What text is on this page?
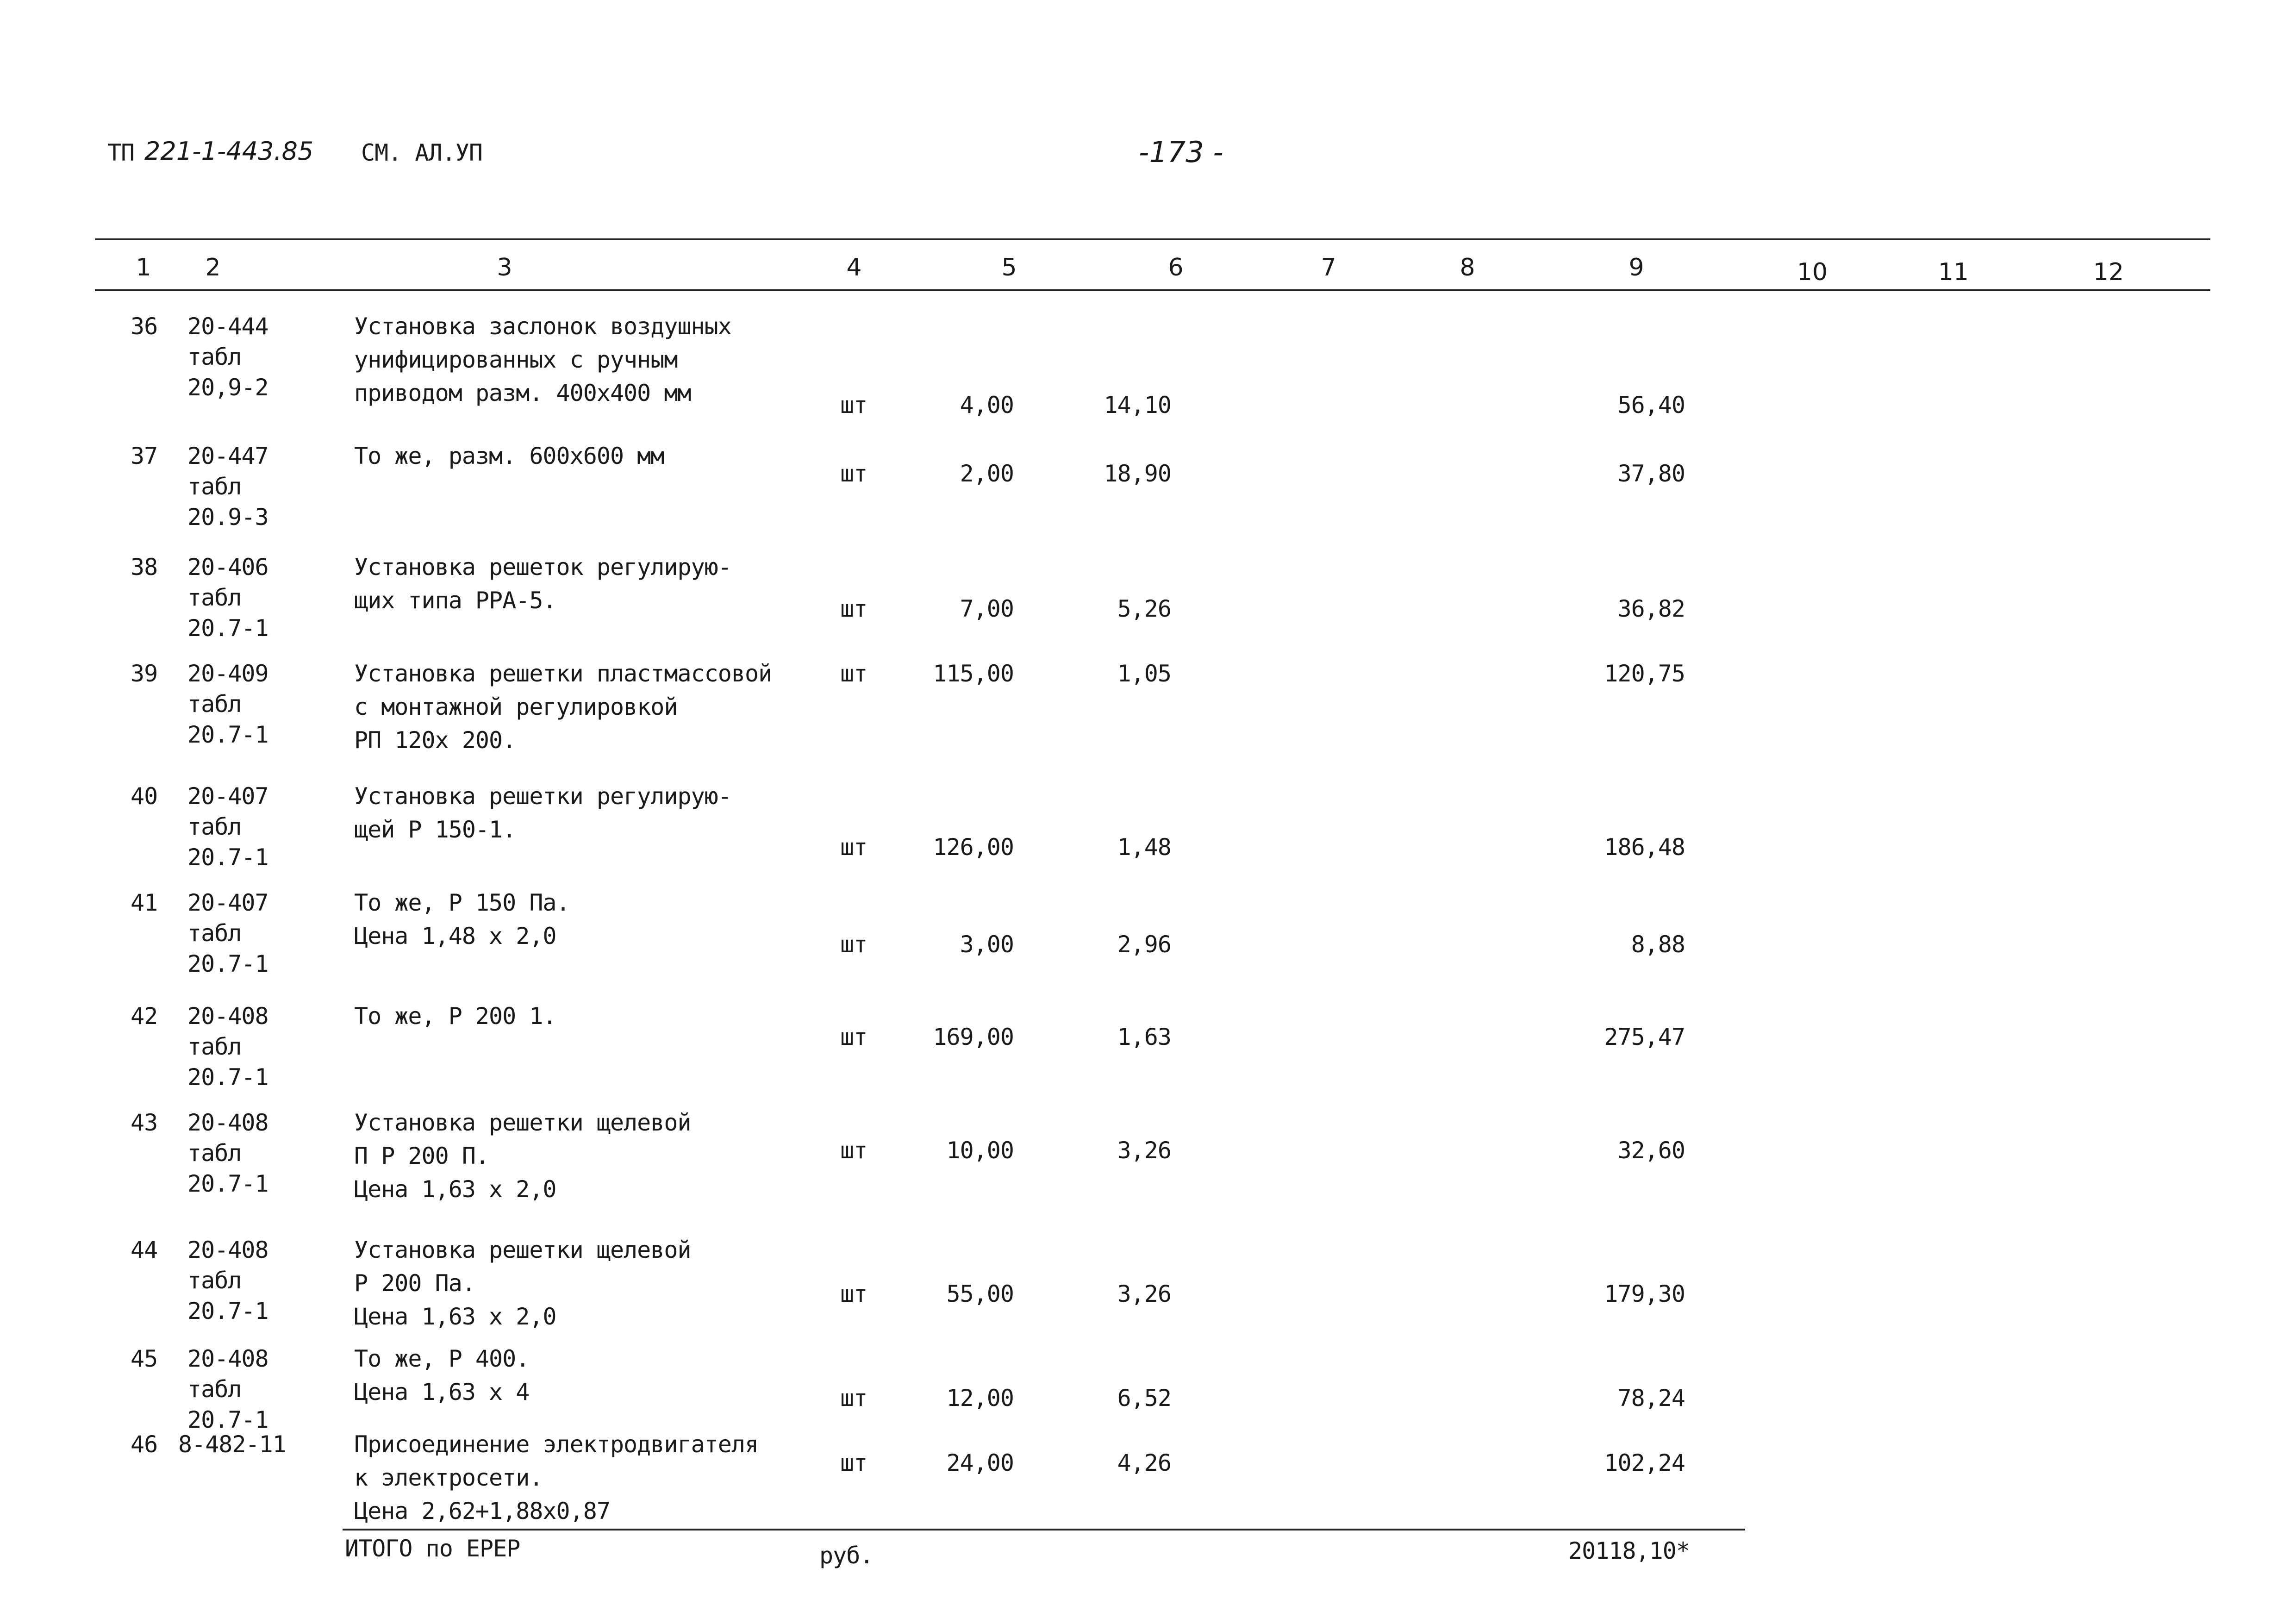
ТП 221-1-443.85 СМ. АЛ.УП	-173 -
1	2	3	4	5	6	7	8	9	10	11	12
36 20-444
табл
20,9-2
Установка заслонок воздушных
унифицированных с ручным
приводом разм. 400х400 мм	шт	4,00	14,10	56,40
37 20-447
табл
20.9-3
То же, разм. 600х600 мм
шт	2,00	18,90	37,80
38 20-406
табл
20.7-1
Установка решеток регулирую-
щих типа РРА-5.	шт	7,00	5,26	36,82
39 20-409
табл
20.7-1
Установка решетки пластмассовой
с монтажной регулировкой
РП 120х 200.
шт	115,00	1,05	120,75
40 20-407
табл
20.7-1
Установка решетки регулирую-
щей Р 150-1.
шт	126,00	1,48	186,48
41 20-407
табл
20.7-1
То же, Р 150 Па.
Цена 1,48 х 2,0	шт	3,00	2,96	8,88
42 20-408
табл
20.7-1
То же, Р 200 1.
шт	169,00	1,63	275,47
43 20-408
табл
20.7-1
Установка решетки щелевой
П Р 200 П.
Цена 1,63 х 2,0
шт	10,00	3,26	32,60
44 20-408
табл
20.7-1
Установка решетки щелевой
Р 200 Па.
Цена 1,63 х 2,0
шт	55,00	3,26	179,30
45 20-408
табл
20.7-1
То же, Р 400.
Цена 1,63 х 4	шт	12,00	6,52	78,24
46 8-482-11	Присоединение электродвигателя
к электросети.
Цена 2,62+1,88х0,87
шт	24,00	4,26	102,24
ИТОГО по ЕРЕР	руб.	20118,10*
